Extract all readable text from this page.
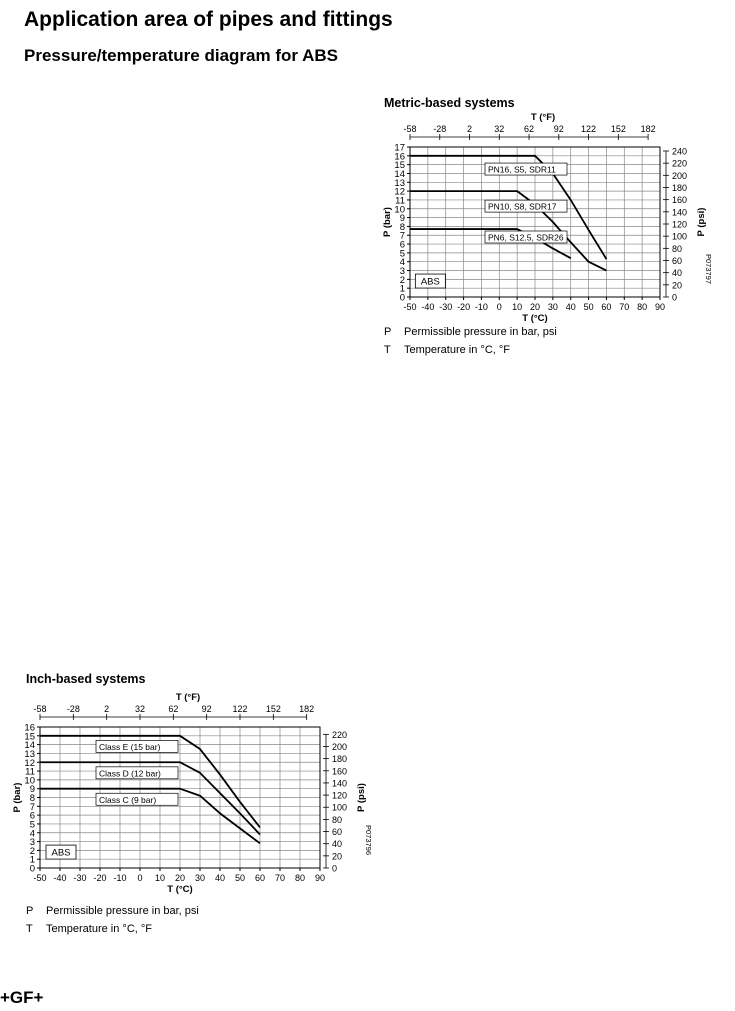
Application area of pipes and fittings
Pressure/temperature diagram for ABS
Metric-based systems
-50 -40 -30 -20 -10 0 10 20 30 40 50 60 70 80 90
T (°C)
-58 -28 2 32 62 92 122 152 182
T (°F)
0
1
2
3
4
5
6
7
8
9
10
11
12
13
14
15
16
17
P (bar)
0
20
40
60
80
100
120
140
160
180
200
220
240
P (psi)
P073797
ABS
PN16, S5, SDR11
PN10, S8, SDR17
PN6, S12.5, SDR26
P Permissible pressure in bar, psi
T Temperature in °C, °F
Inch-based systems
-50 -40 -30 -20 -10 0 10 20 30 40 50 60 70 80 90
T (°C)
-58 -28	2	32	62	92 122 152 182
T (°F)
0
1
2
3
4
5
6
7
8
9
10
11
12
13
14
15
16
P (bar)
0
20
40
60
80
100
120
140
160
180
200
220
P (psi)
P073796
ABS
Class E (15 bar)
Class D (12 bar)
Class C (9 bar)
P Permissible pressure in bar, psi
T Temperature in °C, °F
+GF+
